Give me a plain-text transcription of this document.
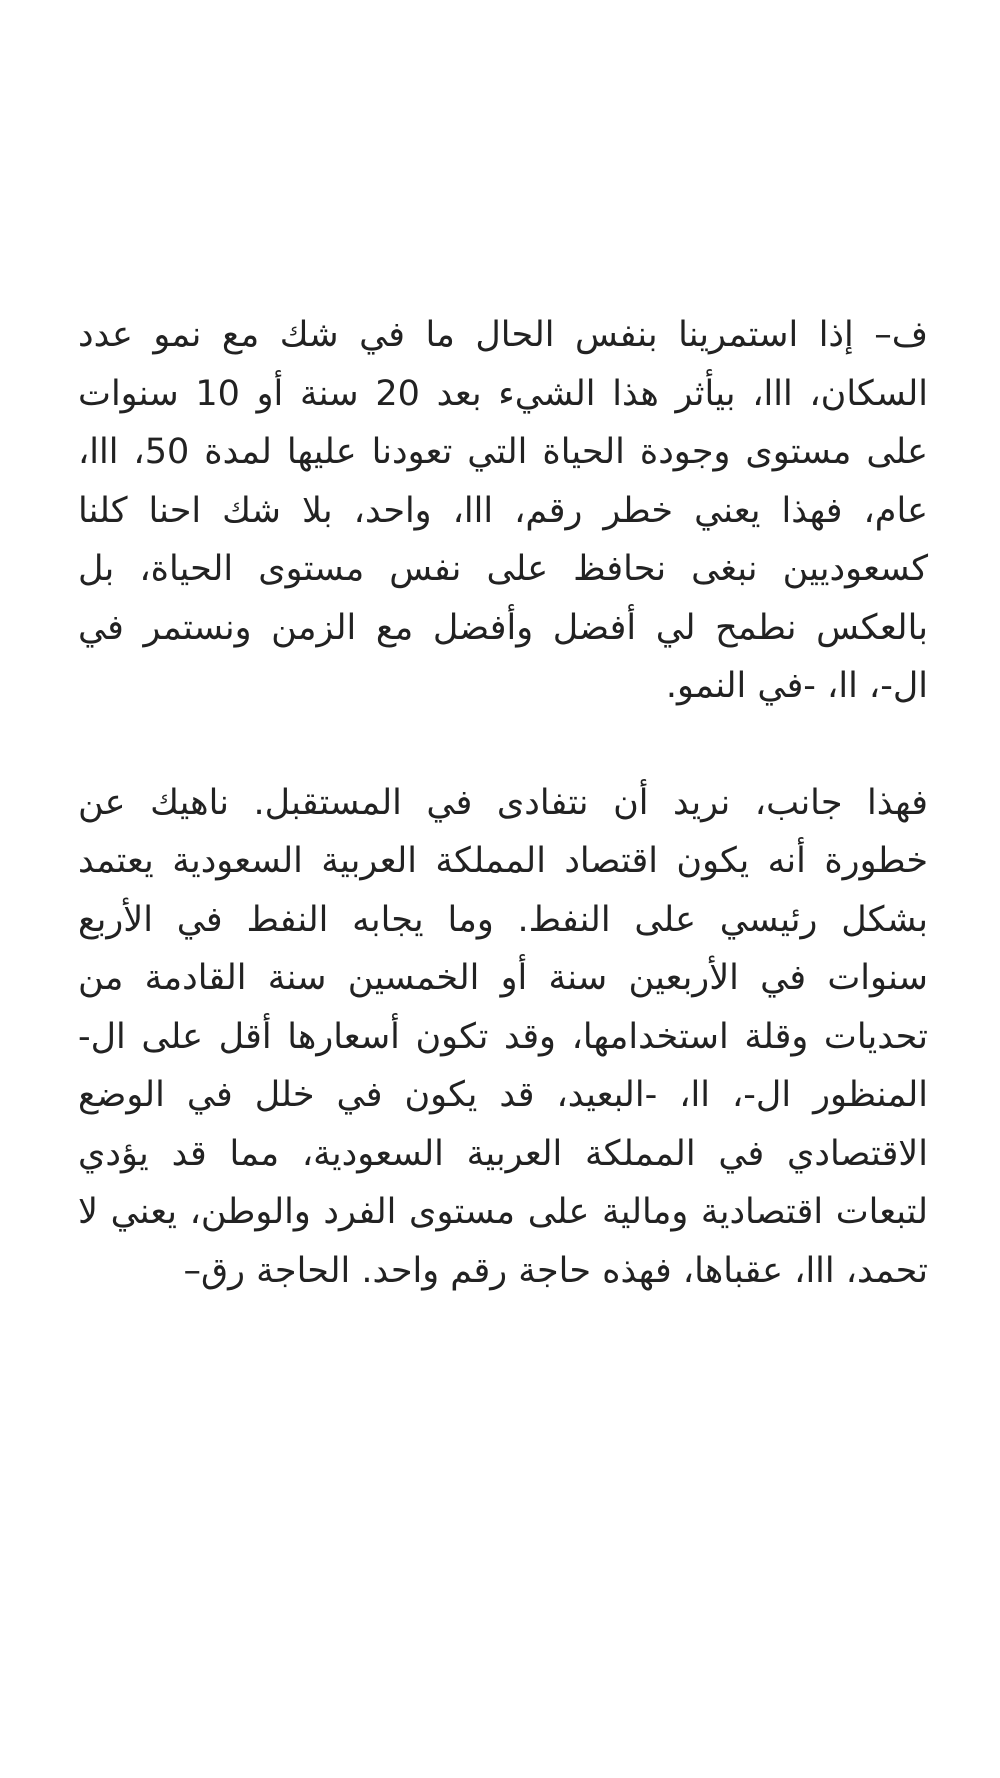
ف– إذا استمرينا بنفس الحال ما في شك مع نمو عدد السكان، ااا، بيأثر هذا الشيء بعد 20 سنة أو 10 سنوات على مستوى وجودة الحياة التي تعودنا عليها لمدة 50، ااا، عام، فهذا يعني خطر رقم، ااا، واحد، بلا شك احنا كلنا كسعوديين نبغى نحافظ على نفس مستوى الحياة، بل بالعكس نطمح لي أفضل وأفضل مع الزمن ونستمر في ال-، اا، -في النمو.

فهذا جانب، نريد أن نتفادى في المستقبل. ناهيك عن خطورة أنه يكون اقتصاد المملكة العربية السعودية يعتمد بشكل رئيسي على النفط. وما يجابه النفط في الأربع سنوات في الأربعين سنة أو الخمسين سنة القادمة من تحديات وقلة استخدامها، وقد تكون أسعارها أقل على ال- المنظور ال-، اا، -البعيد، قد يكون في خلل في الوضع الاقتصادي في المملكة العربية السعودية، مما قد يؤدي لتبعات اقتصادية ومالية على مستوى الفرد والوطن، يعني لا تحمد، ااا، عقباها، فهذه حاجة رقم واحد. الحاجة رق–
